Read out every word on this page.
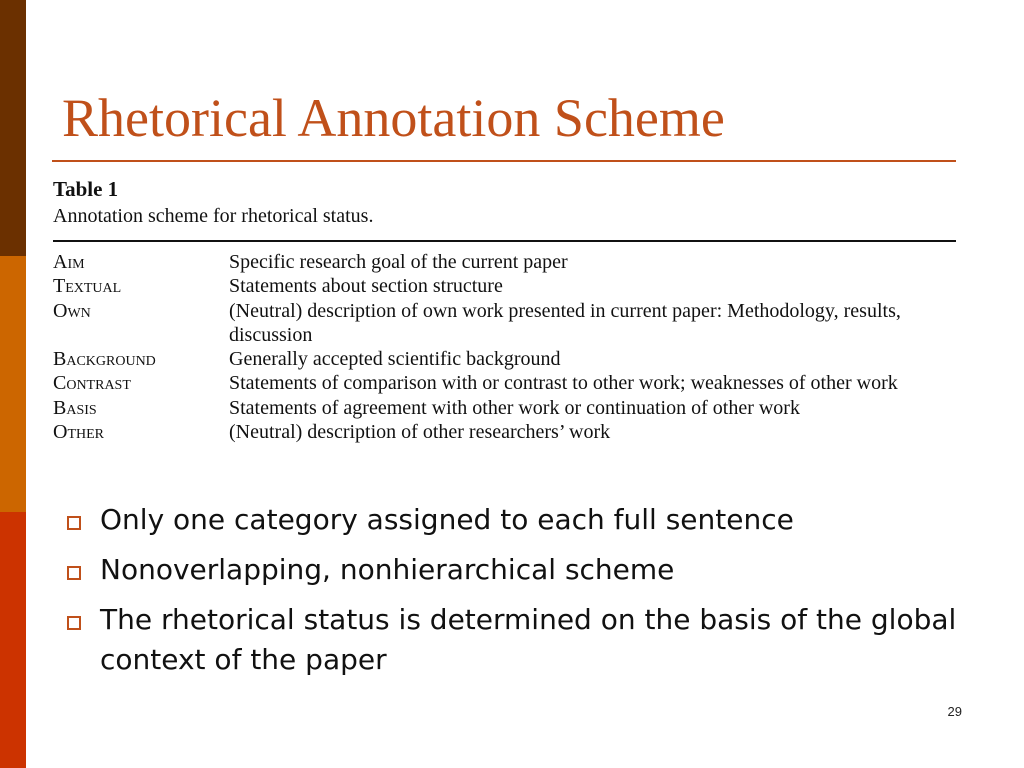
Rhetorical Annotation Scheme
Table 1
Annotation scheme for rhetorical status.
Aim	Specific research goal of the current paper
Textual	Statements about section structure
Own	(Neutral) description of own work presented in current paper: Methodology, results, discussion
Background	Generally accepted scientific background
Contrast	Statements of comparison with or contrast to other work; weaknesses of other work
Basis	Statements of agreement with other work or continuation of other work
Other	(Neutral) description of other researchers’ work
Only one category assigned to each full sentence
Nonoverlapping, nonhierarchical scheme
The rhetorical status is determined on the basis of the global context of the paper
29
